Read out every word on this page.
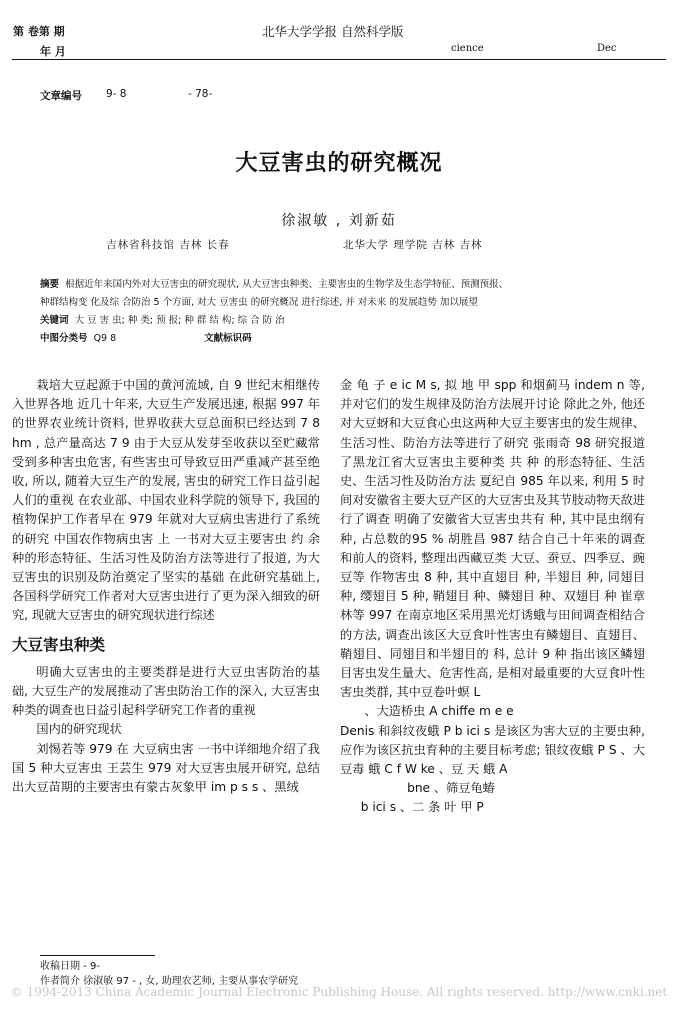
第 卷第 期
年 月
北华大学学报 自然科学版
cience	Dec
文章编号 9- 8	- 78-
大豆害虫的研究概况
徐淑敏 , 刘新茹
吉林省科技馆 吉林 长春	北华大学 理学院 吉林 吉林
摘要 根据近年来国内外对大豆害虫的研究现状, 从大豆害虫种类、主要害虫的生物学及生态学特征、预测预报、
种群结构变 化及综 合防治 5 个方面, 对大 豆害虫 的研究概况 进行综述, 并 对未来 的发展趋势 加以展望
关键词 大 豆 害 虫; 种 类; 预 报; 种 群 结 构; 综 合 防 治
中图分类号 Q9 8	文献标识码

栽培大豆起源于中国的黄河流域, 自 9 世纪末相继传入世界各地 近几十年来, 大豆生产发展迅速, 根据 997 年的世界农业统计资料, 世界收获大豆总面积已经达到 7 8 hm , 总产量高达 7 9 由于大豆从发芽至收获以至贮藏常受到多种害虫危害, 有些害虫可导致豆田严重减产甚至绝收, 所以, 随着大豆生产的发展, 害虫的研究工作日益引起人们的重视 在农业部、中国农业科学院的领导下, 我国的植物保护工作者早在 979 年就对大豆病虫害进行了系统的研究 中国农作物病虫害 上 一书对大豆主要害虫 约 余种的形态特征、生活习性及防治方法等进行了报道, 为大豆害虫的识别及防治奠定了坚实的基础 在此研究基础上, 各国科学研究工作者对大豆害虫进行了更为深入细致的研究, 现就大豆害虫的研究现状进行综述

大豆害虫种类

明确大豆害虫的主要类群是进行大豆虫害防治的基础, 大豆生产的发展推动了害虫防治工作的深入, 大豆害虫种类的调查也日益引起科学研究工作者的重视

国内的研究现状

刘惕若等 979 在 大豆病虫害 一书中详细地介绍了我国 5 种大豆害虫 王芸生 979 对大豆害虫展开研究, 总结出大豆苗期的主要害虫有蒙古灰象甲 im p s s 、黑绒

金 龟 子 e ic M s, 拟 地 甲 spp 和烟蓟马 indem n 等, 并对它们的发生规律及防治方法展开讨论 除此之外, 他还对大豆蚜和大豆食心虫这两种大豆主要害虫的发生规律、生活习性、防治方法等进行了研究 张雨奇 98 研究报道了黑龙江省大豆害虫主要种类 共 种 的形态特征、生活史、生活习性及防治方法 夏纪自 985 年以来, 利用 5 时间对安徽省主要大豆产区的大豆害虫及其节肢动物天敌进行了调查 明确了安徽省大豆害虫共有 种, 其中昆虫纲有 种, 占总数的95 % 胡胜昌 987 结合自己十年来的调查和前人的资料, 整理出西藏豆类 大豆、蚕豆、四季豆、豌豆等 作物害虫 8 种, 其中直翅目 种, 半翅目 种, 同翅目 种, 缨翅目 5 种, 鞘翅目 种、鳞翅目 种、双翅目 种 崔章林等 997 在南京地区采用黑光灯诱蛾与田间调查相结合的方法, 调查出该区大豆食叶性害虫有鳞翅目、直翅目、鞘翅目、同翅目和半翅目的 科, 总计 9 种 指出该区鳞翅目害虫发生量大、危害性高, 是相对最重要的大豆食叶性害虫类群, 其中豆卷叶螟 L

、大造桥虫 A chiffe m e e

Denis 和斜纹夜蛾 P b ici s 是该区为害大豆的主要虫种, 应作为该区抗虫育种的主要目标考虑; 银纹夜蛾 P S 、大豆毒 蛾 C f W ke 、豆 天 蛾 A

bne 、筛豆龟蝽

b ici s 、二 条 叶 甲 P

收稿日期 - 9-
作者简介 徐淑敏 97 - , 女, 助理农艺师, 主要从事农学研究
© 1994-2013 China Academic Journal Electronic Publishing House. All rights reserved. http://www.cnki.net
